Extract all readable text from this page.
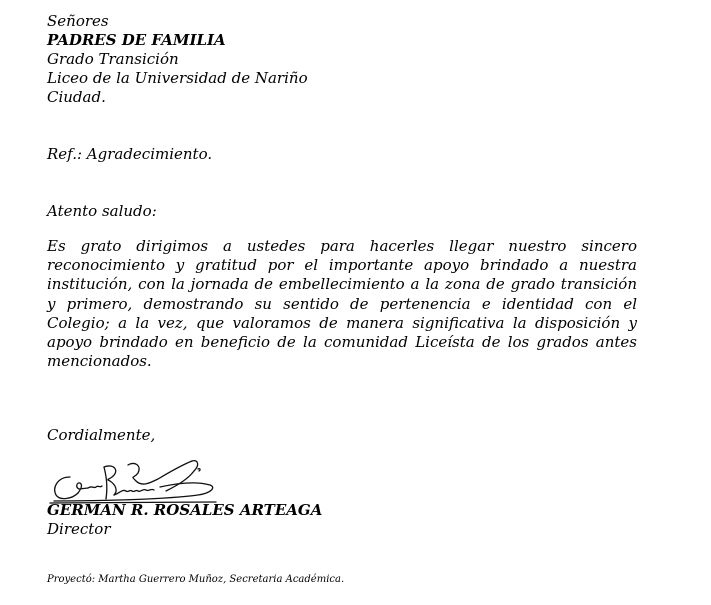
Señores
PADRES DE FAMILIA
Grado Transición
Liceo de la Universidad de Nariño
Ciudad.
Ref.: Agradecimiento.
Atento saludo:
Es grato dirigimos a ustedes para hacerles llegar nuestro sincero
reconocimiento y gratitud por el importante apoyo brindado a nuestra
institución, con la jornada de embellecimiento a la zona de grado transición
y primero, demostrando su sentido de pertenencia e identidad con el
Colegio; a la vez, que valoramos de manera significativa la disposición y
apoyo brindado en beneficio de la comunidad Liceísta de los grados antes
mencionados.
Cordialmente,
GERMAN R. ROSALES ARTEAGA
Director
Proyectó: Martha Guerrero Muñoz, Secretaria Académica.
